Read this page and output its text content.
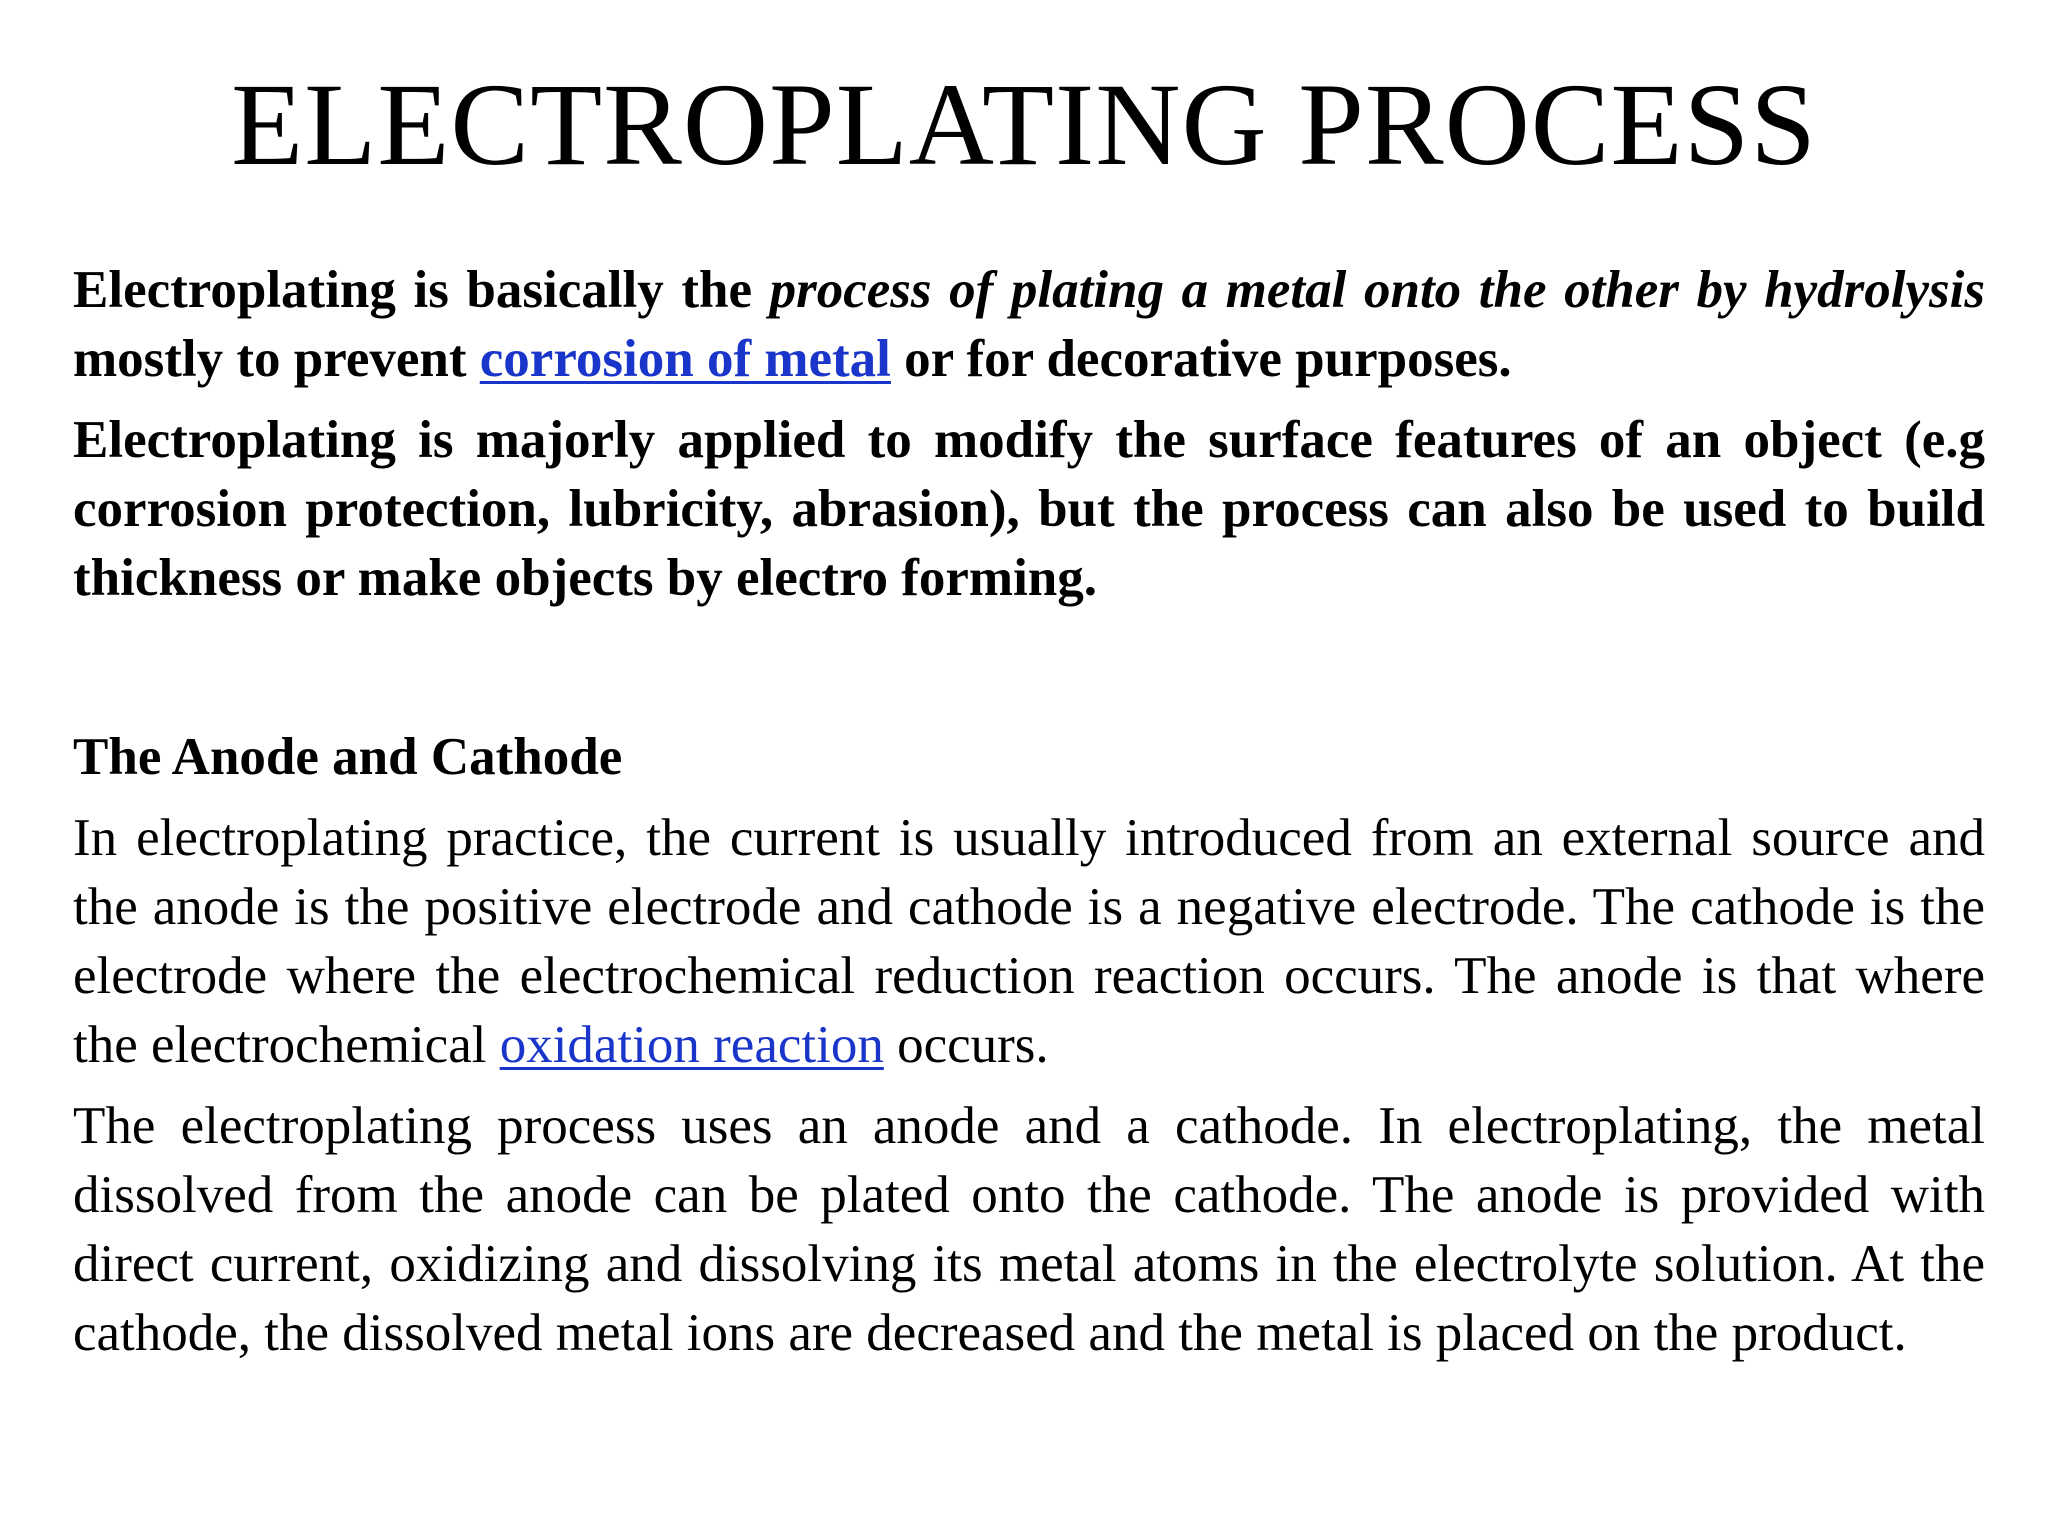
ELECTROPLATING PROCESS

Electroplating is basically the process of plating a metal onto the other by hydrolysis mostly to prevent corrosion of metal or for decorative purposes.

Electroplating is majorly applied to modify the surface features of an object (e.g corrosion protection, lubricity, abrasion), but the process can also be used to build thickness or make objects by electro forming.

The Anode and Cathode

In electroplating practice, the current is usually introduced from an external source and the anode is the positive electrode and cathode is a negative electrode. The cathode is the electrode where the electrochemical reduction reaction occurs. The anode is that where the electrochemical oxidation reaction occurs.

The electroplating process uses an anode and a cathode. In electroplating, the metal dissolved from the anode can be plated onto the cathode. The anode is provided with direct current, oxidizing and dissolving its metal atoms in the electrolyte solution. At the cathode, the dissolved metal ions are decreased and the metal is placed on the product.
